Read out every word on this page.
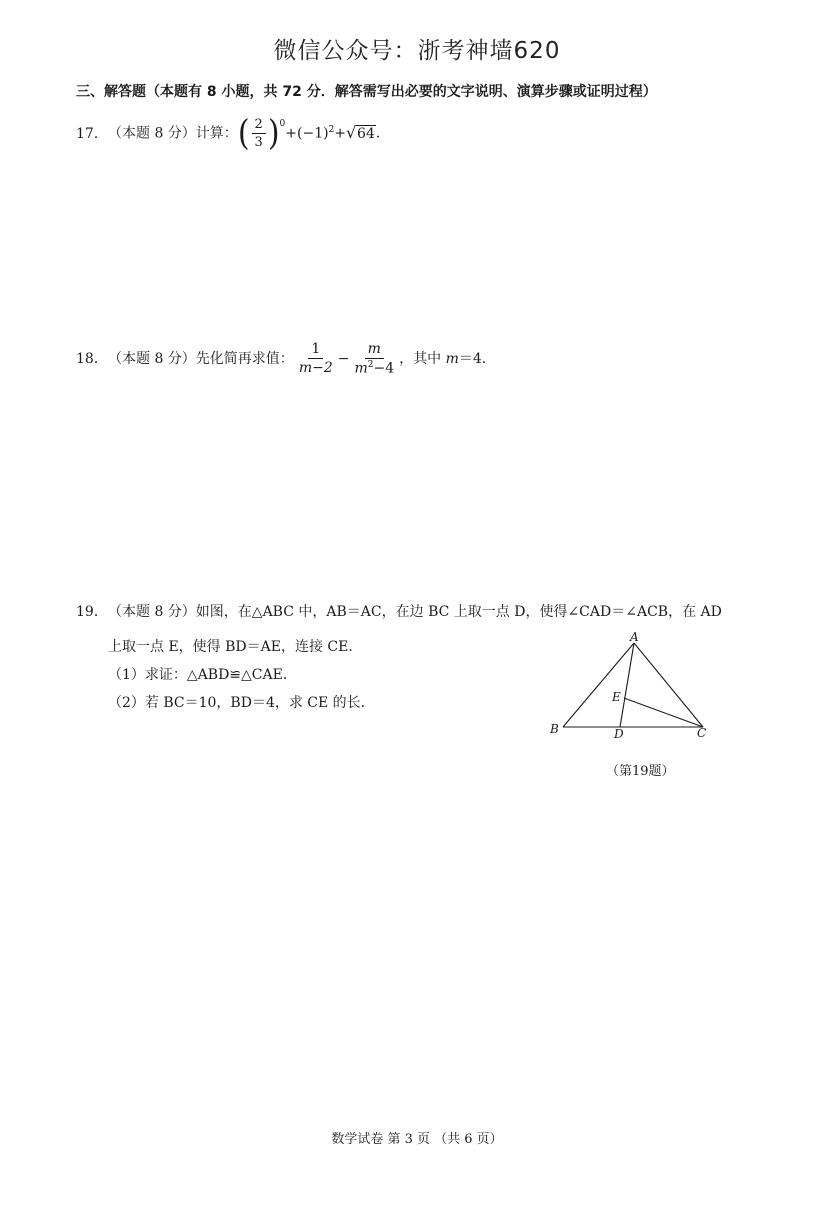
微信公众号：浙考神墙620
三、解答题（本题有 8 小题，共 72 分．解答需写出必要的文字说明、演算步骤或证明过程）
17．（本题 8 分）计算： ( $\frac{2}{3} )^0$
$+(-1)^2+$ √ 64．
18．（本题 8 分）先化简再求值： $\frac{1}{m-2} - \frac{m}{m^2-4}$ ，其中 m＝4．
19．（本题 8 分）如图，在△ABC 中，AB＝AC，在边 BC 上取一点 D，使得∠CAD＝∠ACB，在 AD
上取一点 E，使得 BD＝AE，连接 CE．
（1）求证：△ABD≌△CAE．
（2）若 BC＝10，BD＝4，求 CE 的长．
A
B	C
D
E
（第19题）
数学试卷 第 3 页 （共 6 页）
